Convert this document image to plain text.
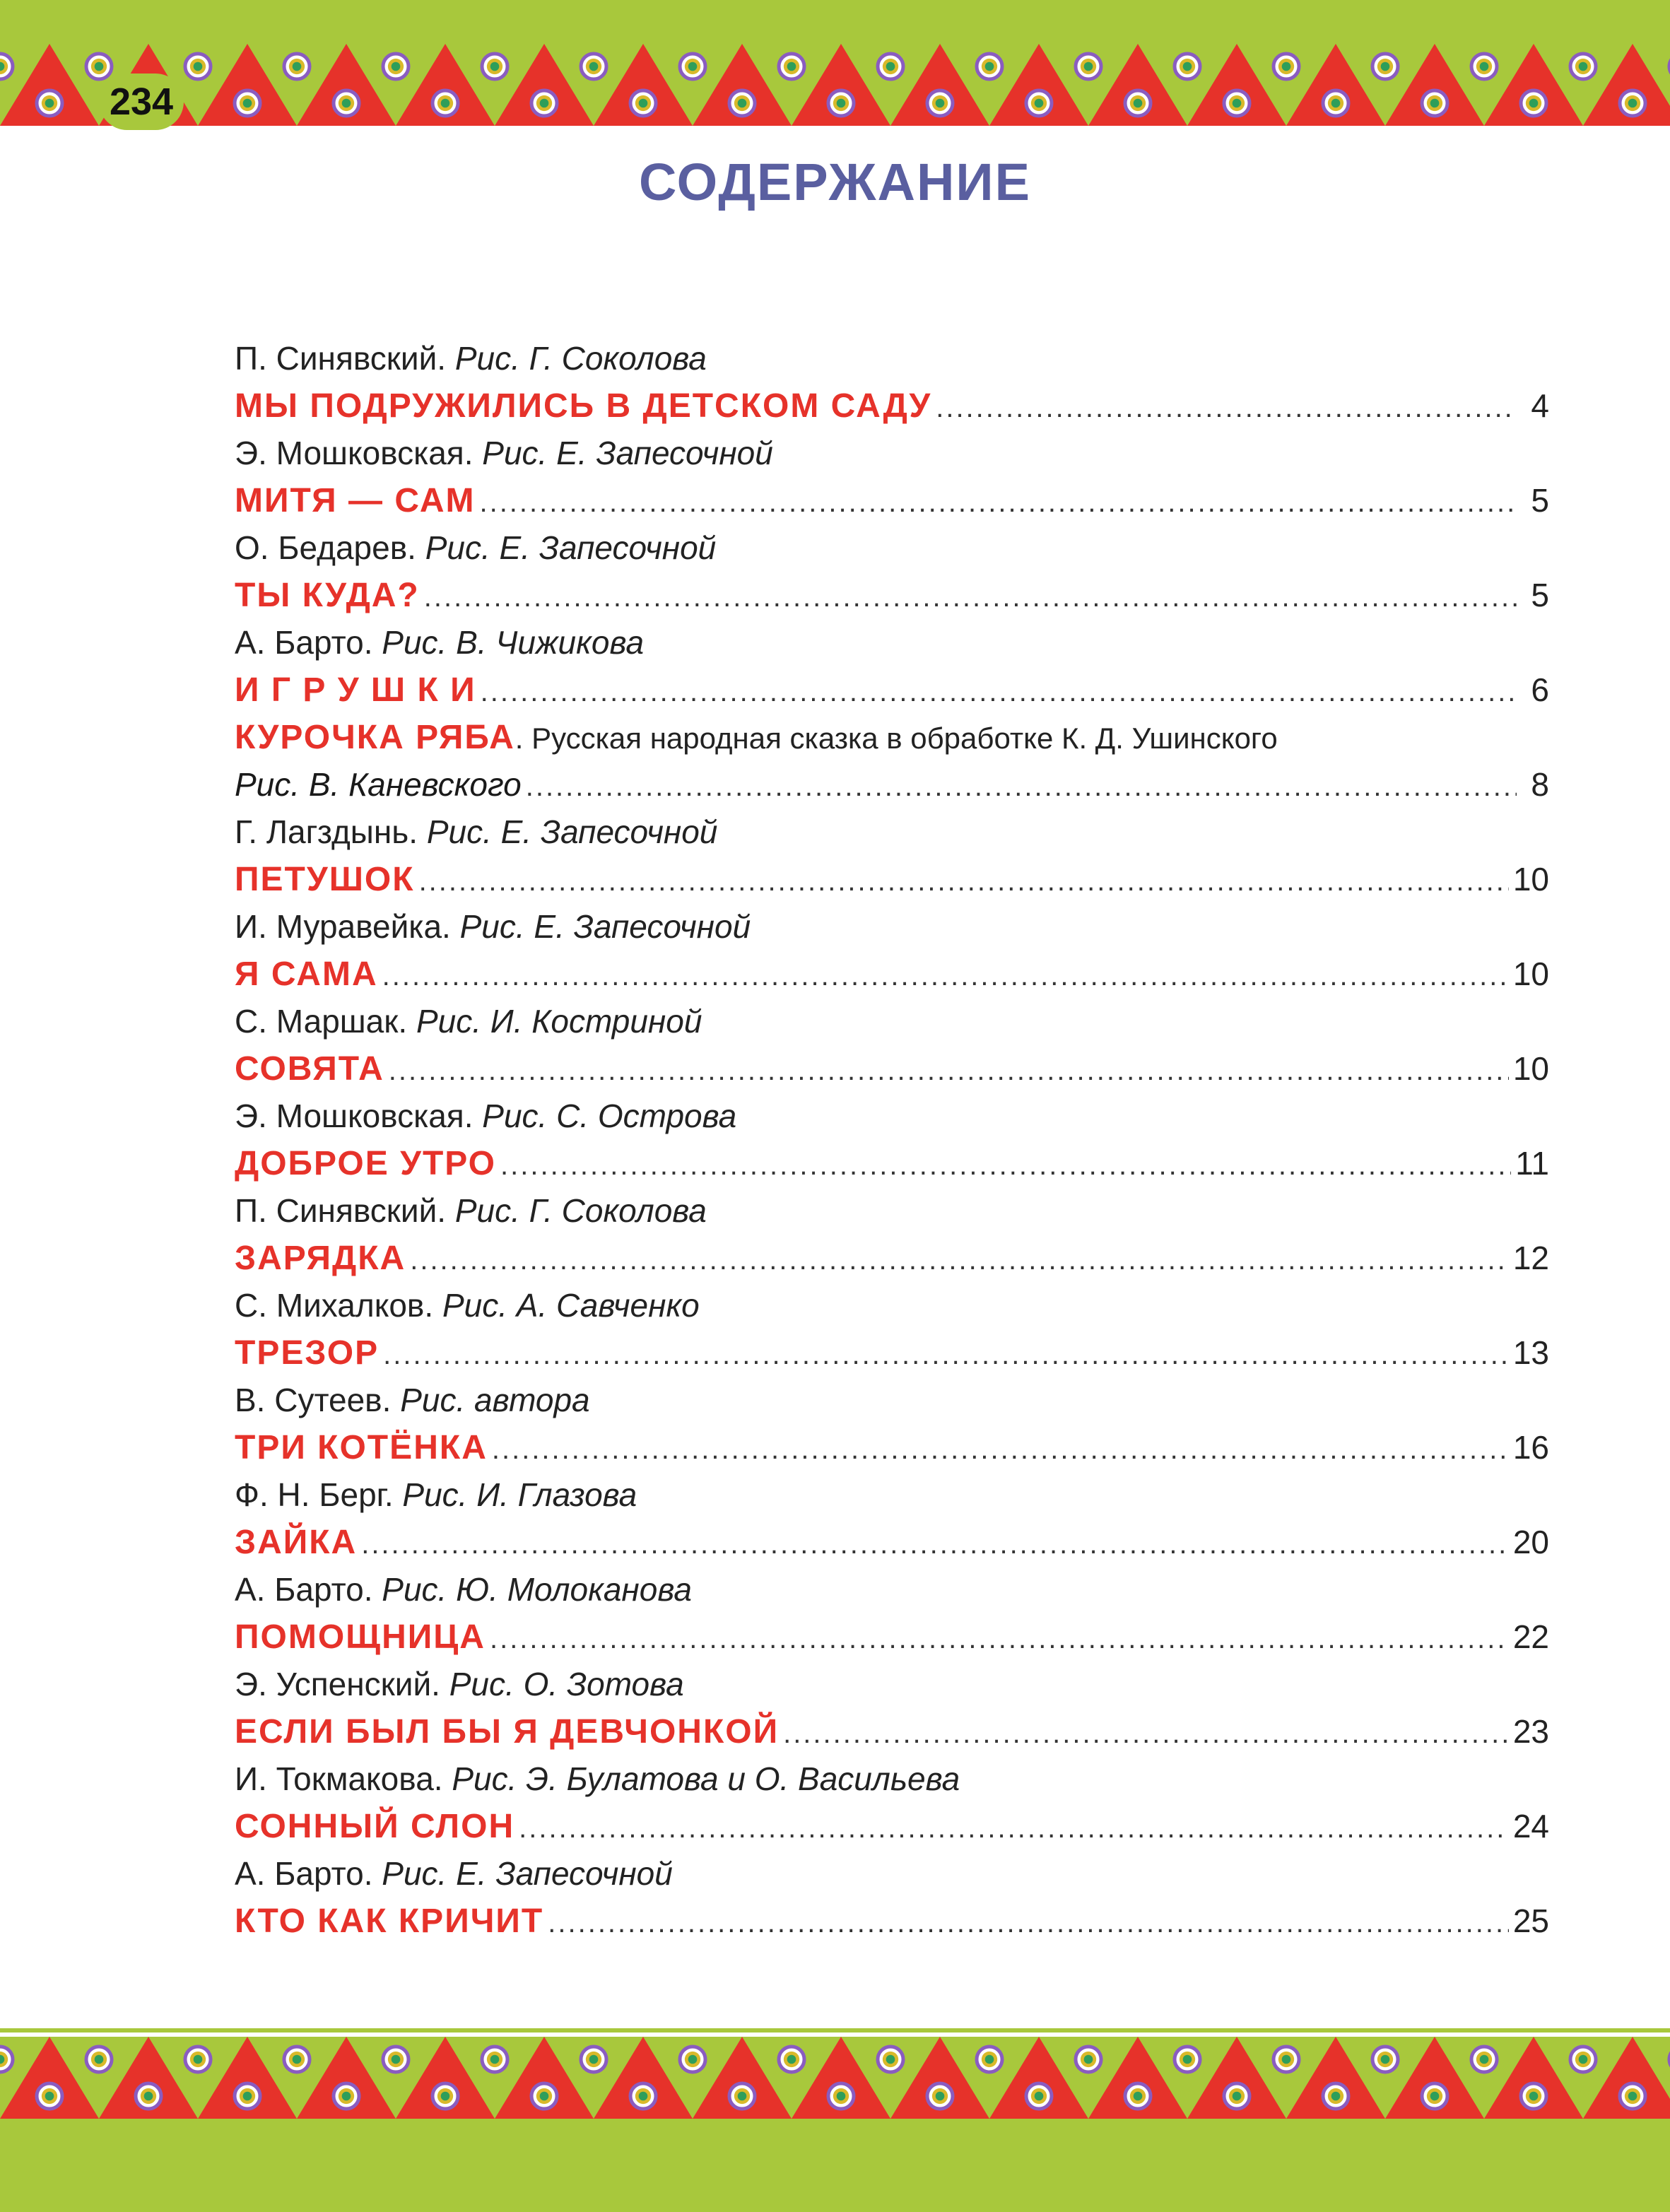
234
СОДЕРЖАНИЕ
П. Синявский. Рис. Г. Соколова
МЫ ПОДРУЖИЛИСЬ В ДЕТСКОМ САДУ .....	4
Э. Мошковская. Рис. Е. Запесочной
МИТЯ — САМ .....	5
О. Бедарев. Рис. Е. Запесочной
ТЫ КУДА? .....	5
А. Барто. Рис. В. Чижикова
И Г Р У Ш К И .....	6
КУРОЧКА РЯБА. Русская народная сказка в обработке К. Д. Ушинского
Рис. В. Каневского .....	8
Г. Лагздынь. Рис. Е. Запесочной
ПЕТУШОК .....	10
И. Муравейка. Рис. Е. Запесочной
Я САМА .....	10
С. Маршак. Рис. И. Костриной
СОВЯТА .....	10
Э. Мошковская. Рис. С. Острова
ДОБРОЕ УТРО .....	11
П. Синявский. Рис. Г. Соколова
ЗАРЯДКА .....	12
С. Михалков. Рис. А. Савченко
ТРЕЗОР .....	13
В. Сутеев. Рис. автора
ТРИ КОТЁНКА .....	16
Ф. Н. Берг. Рис. И. Глазова
ЗАЙКА .....	20
А. Барто. Рис. Ю. Молоканова
ПОМОЩНИЦА .....	22
Э. Успенский. Рис. О. Зотова
ЕСЛИ БЫЛ БЫ Я ДЕВЧОНКОЙ .....	23
И. Токмакова. Рис. Э. Булатова и О. Васильева
СОННЫЙ СЛОН .....	24
А. Барто. Рис. Е. Запесочной
КТО КАК КРИЧИТ .....	25
